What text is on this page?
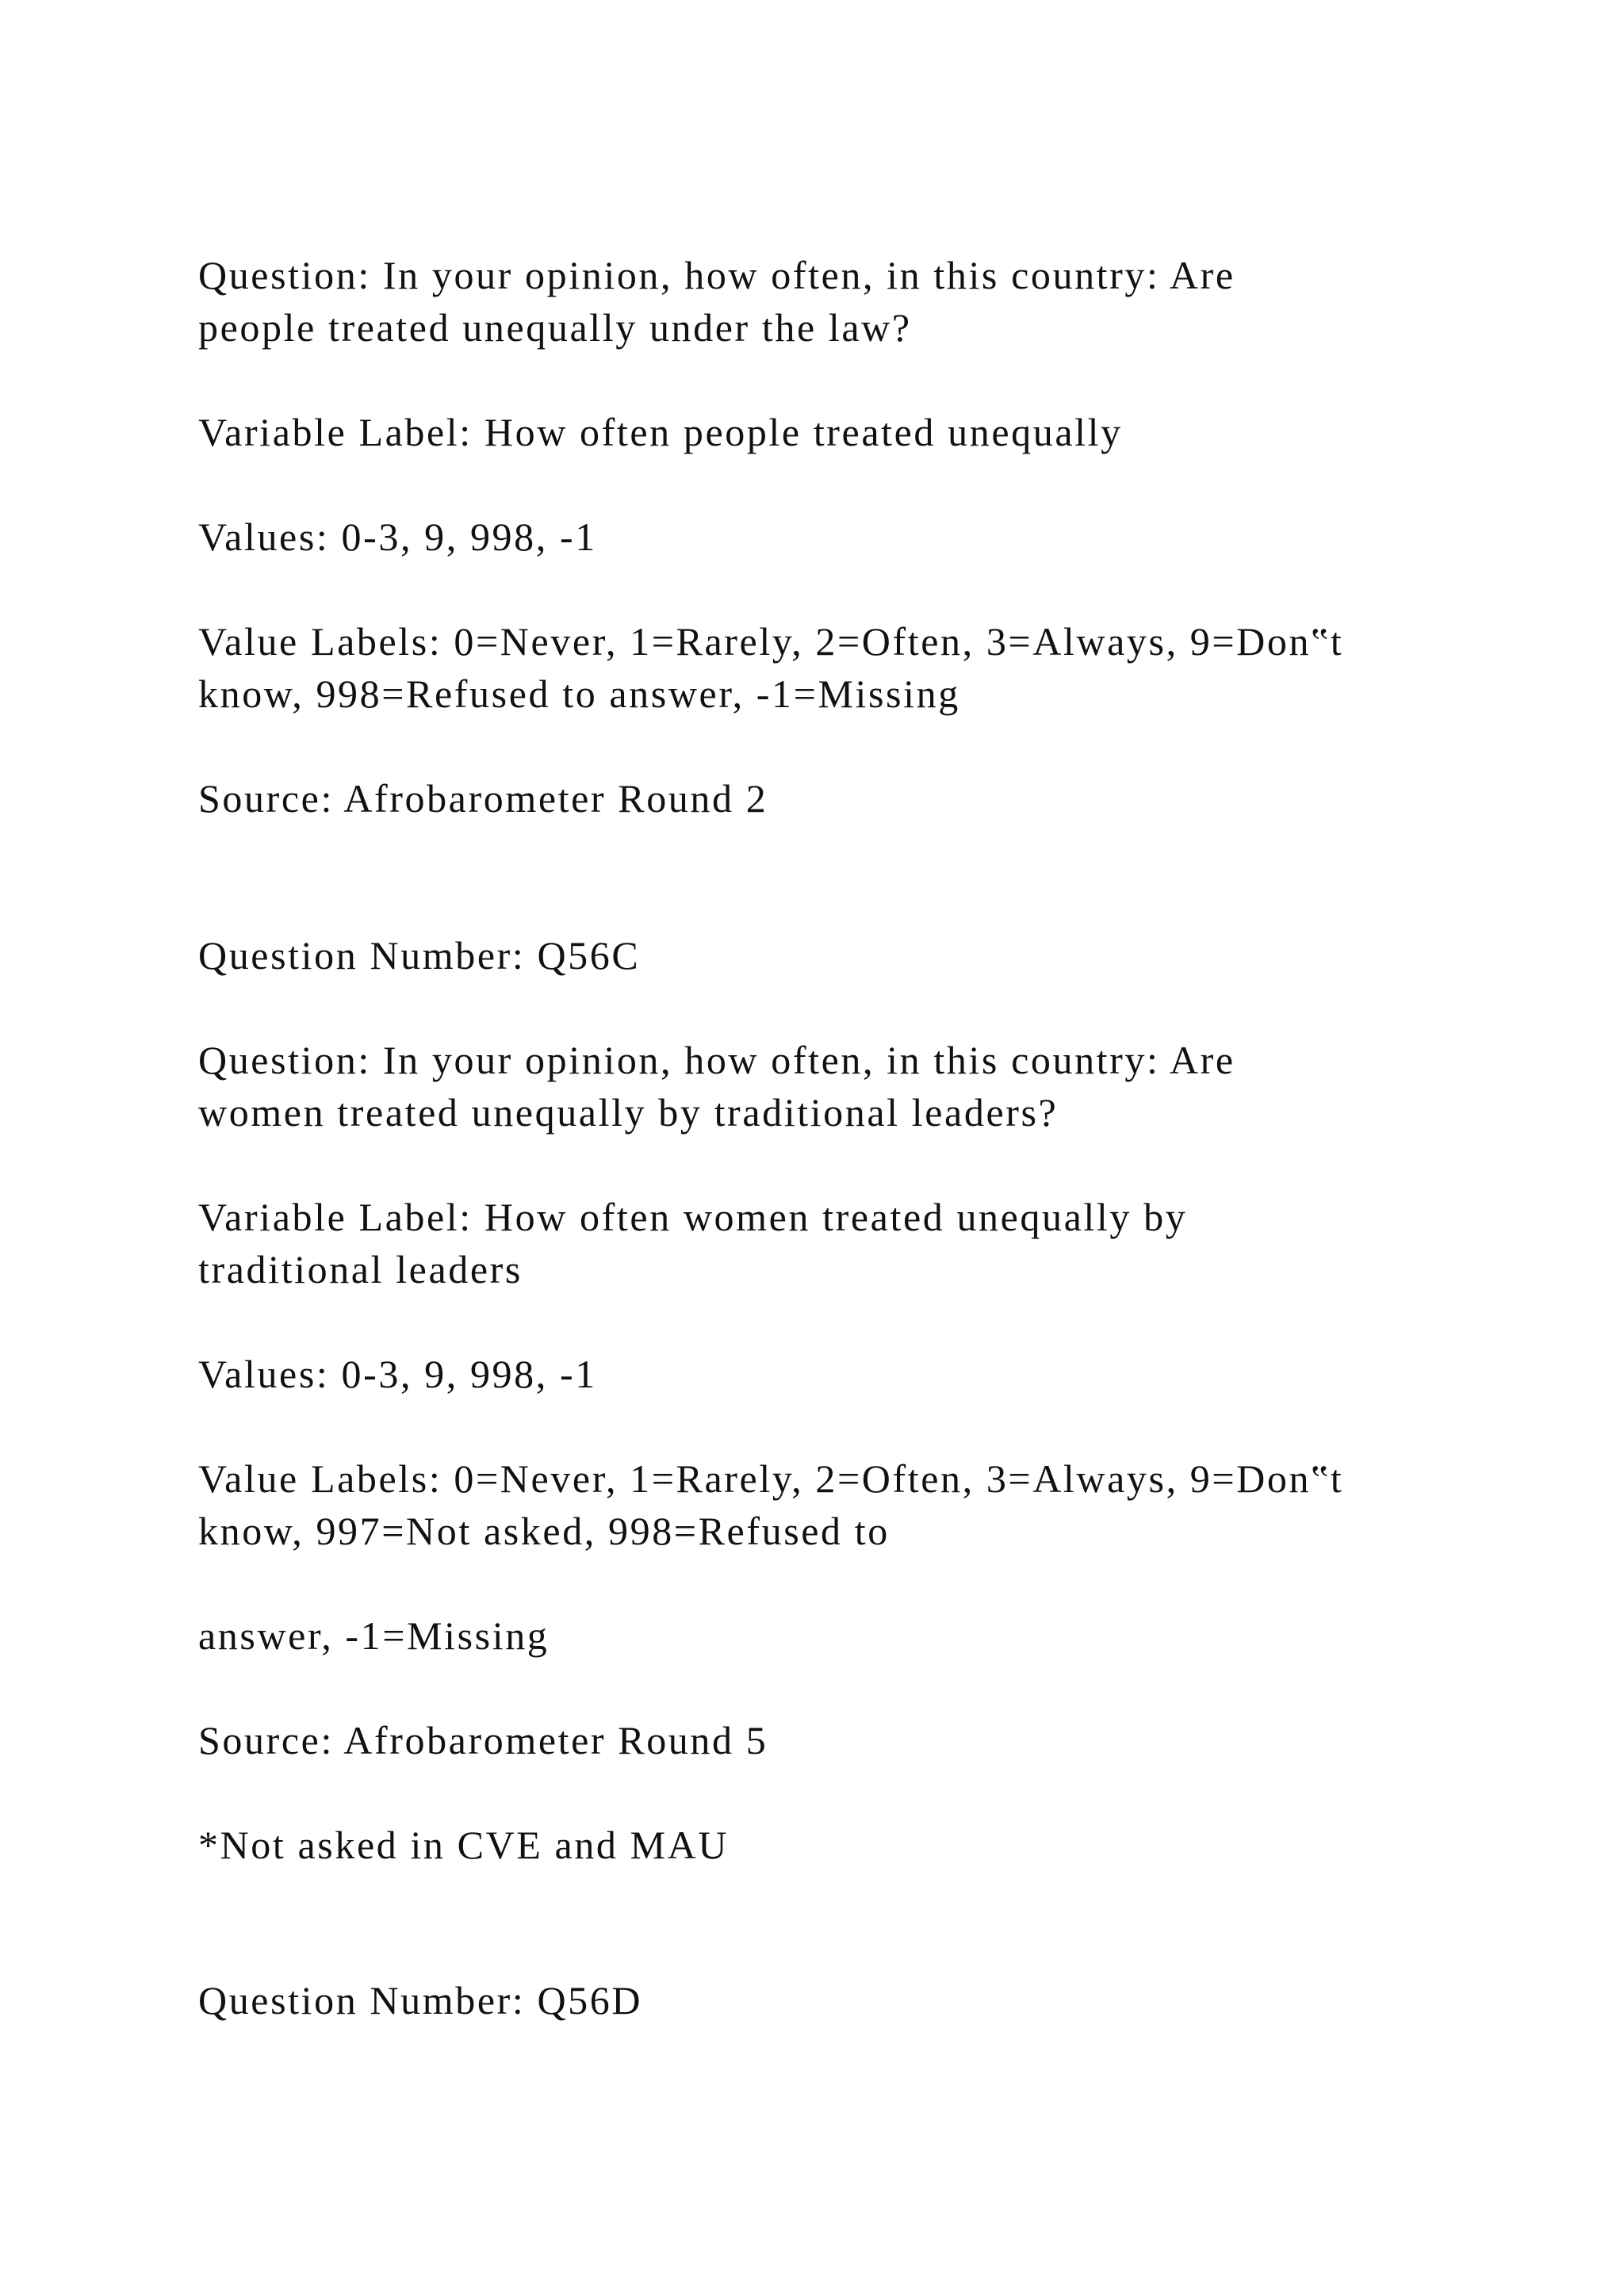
Question: In your opinion, how often, in this country: Are
people treated unequally under the law?

Variable Label: How often people treated unequally

Values: 0-3, 9, 998, -1

Value Labels: 0=Never, 1=Rarely, 2=Often, 3=Always, 9=Don‟t
know, 998=Refused to answer, -1=Missing

Source: Afrobarometer Round 2

Question Number: Q56C

Question: In your opinion, how often, in this country: Are
women treated unequally by traditional leaders?

Variable Label: How often women treated unequally by
traditional leaders

Values: 0-3, 9, 998, -1

Value Labels: 0=Never, 1=Rarely, 2=Often, 3=Always, 9=Don‟t
know, 997=Not asked, 998=Refused to

answer, -1=Missing

Source: Afrobarometer Round 5

*Not asked in CVE and MAU

Question Number: Q56D
